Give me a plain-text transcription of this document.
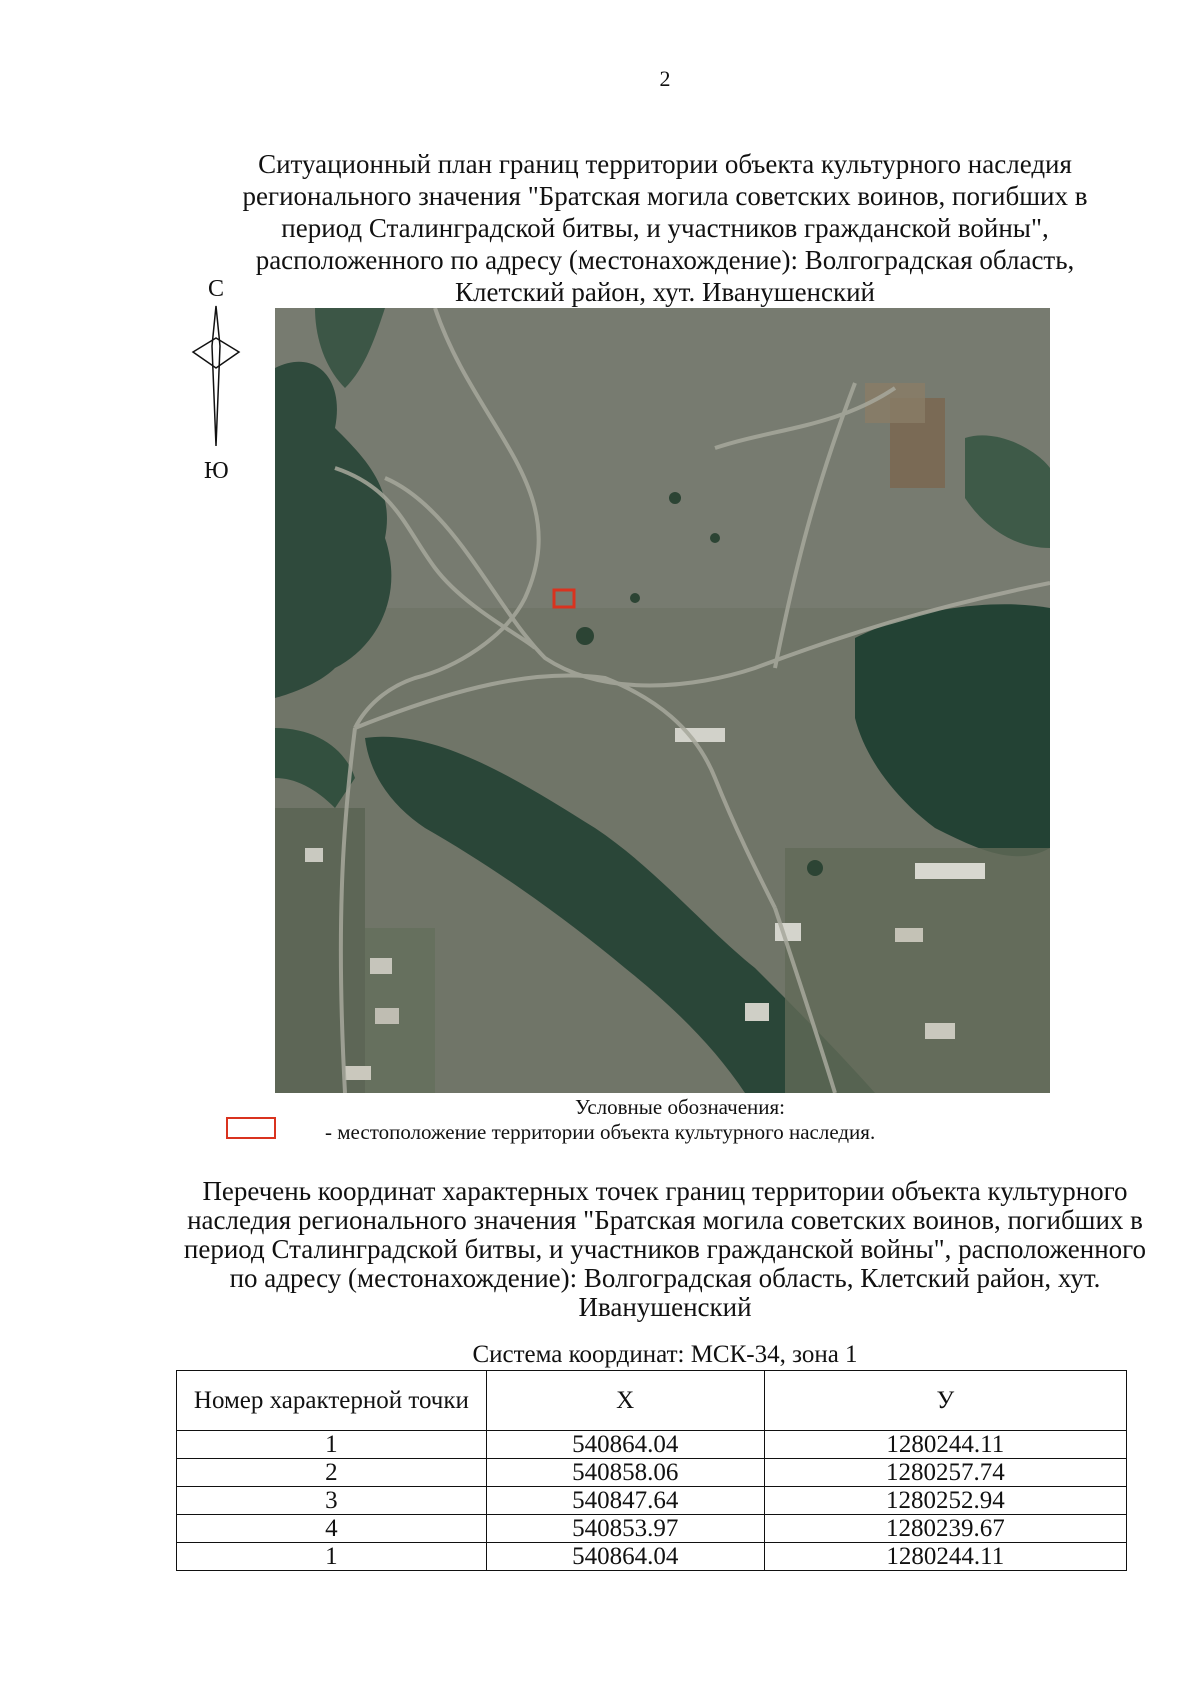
2
Ситуационный план границ территории объекта культурного наследия регионального значения "Братская могила советских воинов, погибших в период Сталинградской битвы, и участников гражданской войны", расположенного по адресу (местонахождение): Волгоградская область, Клетский район, хут. Иванушенский
С
Ю
Условные обозначения:
- местоположение территории объекта культурного наследия.
Перечень координат характерных точек границ территории объекта культурного наследия регионального значения "Братская могила советских воинов, погибших в период Сталинградской битвы, и участников гражданской войны", расположенного по адресу (местонахождение): Волгоградская область, Клетский район, хут. Иванушенский
Система координат: МСК-34, зона 1
Номер характерной точки	X	У
1	540864.04	1280244.11
2	540858.06	1280257.74
3	540847.64	1280252.94
4	540853.97	1280239.67
1	540864.04	1280244.11
